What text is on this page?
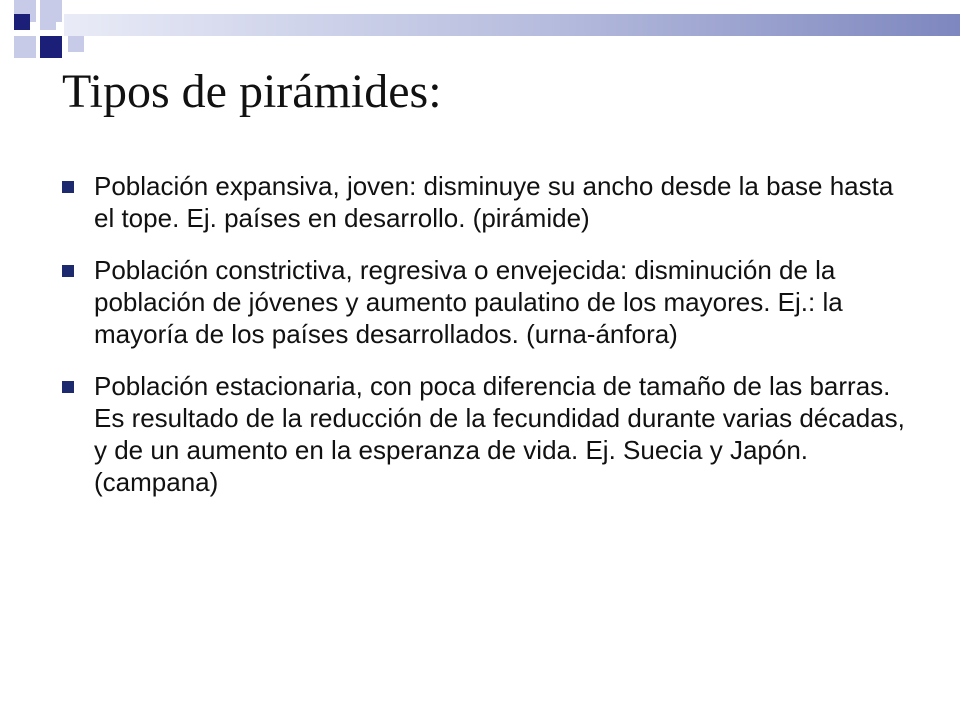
Tipos de pirámides:
Población expansiva, joven: disminuye su ancho desde la base hasta el tope. Ej. países en desarrollo. (pirámide)
Población constrictiva, regresiva o envejecida: disminución de la población de jóvenes y aumento paulatino de los mayores. Ej.: la mayoría de los países desarrollados. (urna-ánfora)
Población estacionaria, con poca diferencia de tamaño de las barras. Es resultado de la reducción de la fecundidad durante varias décadas, y de un aumento en la esperanza de vida. Ej. Suecia y Japón. (campana)
